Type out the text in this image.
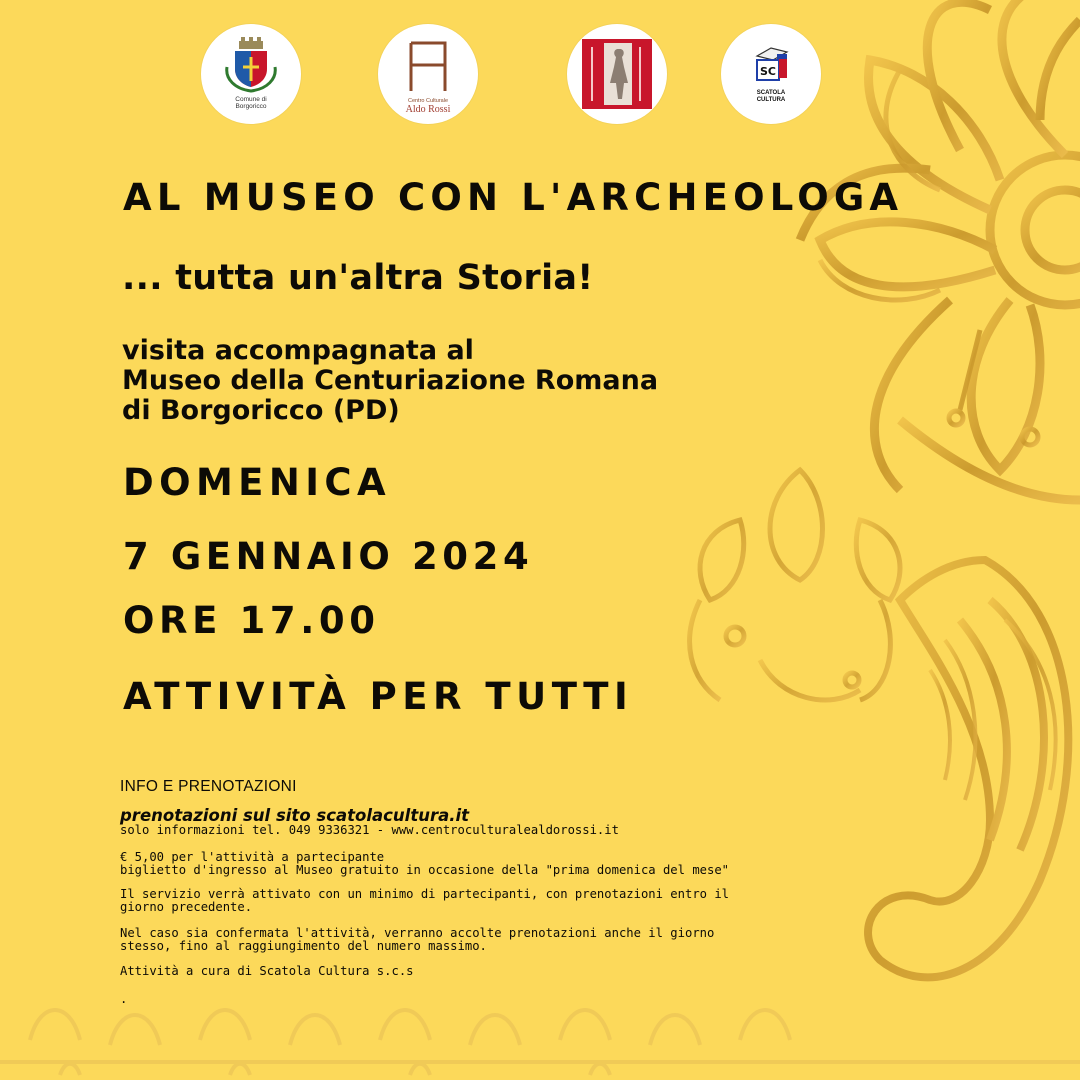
Comune di
Borgoricco
Centro Culturale
Aldo Rossi
SC
SCATOLA
CULTURA
AL MUSEO CON L'ARCHEOLOGA
... tutta un'altra Storia!
visita accompagnata al
Museo della Centuriazione Romana
di Borgoricco (PD)
DOMENICA
7 GENNAIO 2024
ORE 17.00
ATTIVITÀ PER TUTTI
INFO E PRENOTAZIONI
prenotazioni sul sito scatolacultura.it
solo informazioni tel. 049 9336321 - www.centroculturalealdorossi.it
€ 5,00 per l'attività a partecipante
biglietto d'ingresso al Museo gratuito in occasione della "prima domenica del mese"
Il servizio verrà attivato con un minimo di partecipanti, con prenotazioni entro il
giorno precedente.
Nel caso sia confermata l'attività, verranno accolte prenotazioni anche il giorno
stesso, fino al raggiungimento del numero massimo.
Attività a cura di Scatola Cultura s.c.s
.
